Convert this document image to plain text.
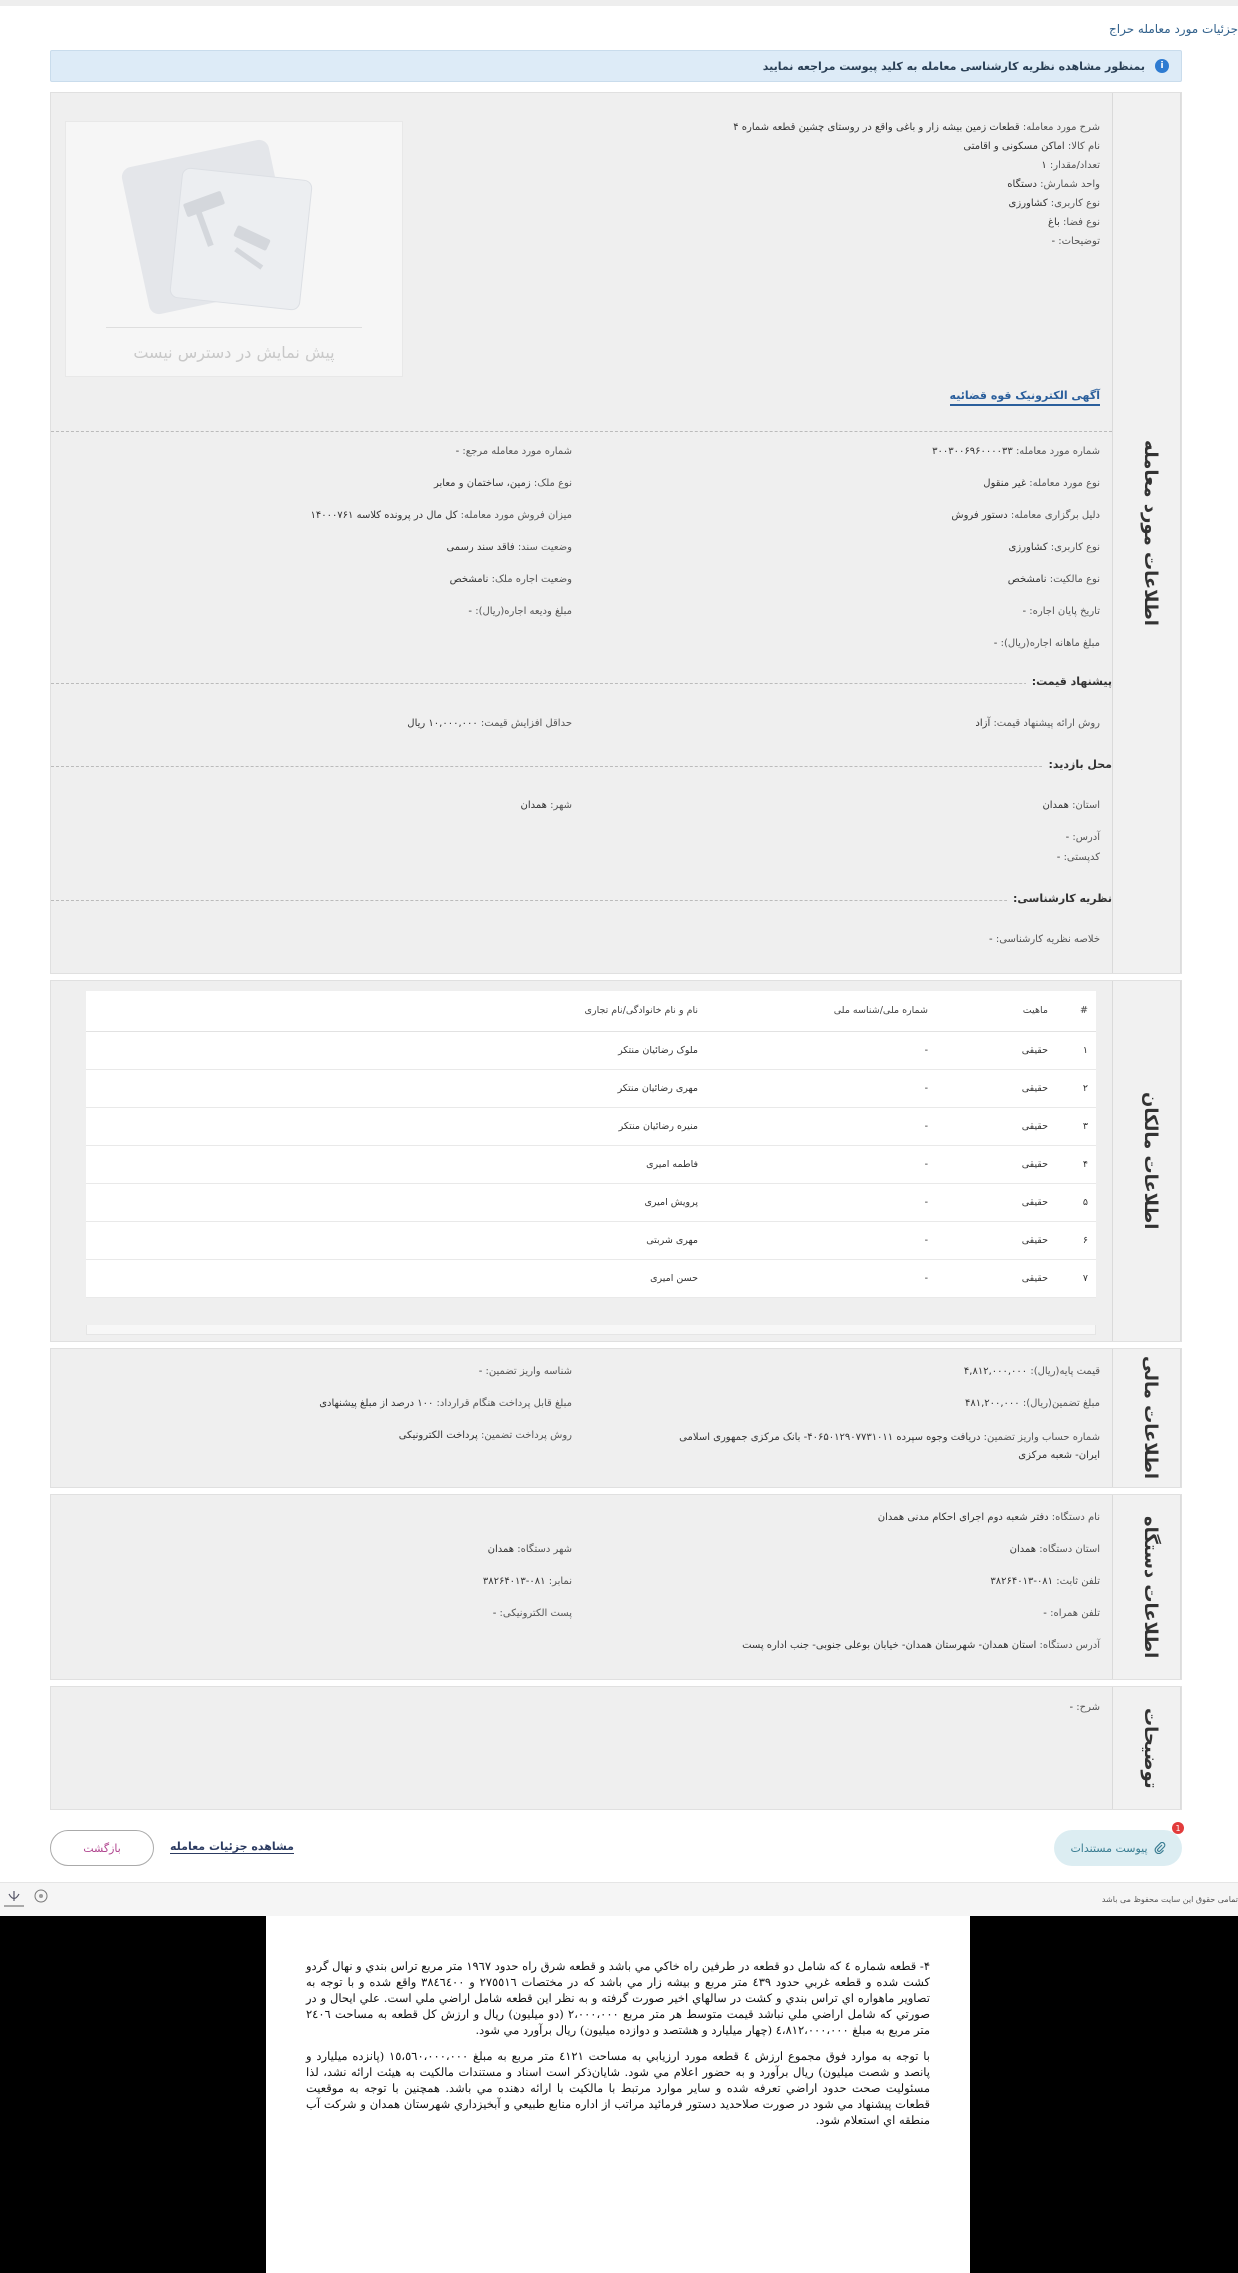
جزئیات مورد معامله حراج
i
بمنظور مشاهده نظریه کارشناسی معامله به کلید پیوست مراجعه نمایید
اطلاعات مورد معامله
شرح مورد معامله: قطعات زمین بیشه زار و باغی واقع در روستای چشین قطعه شماره ۴
نام کالا: اماکن مسکونی و اقامتی
تعداد/مقدار: ۱
واحد شمارش: دستگاه
نوع کاربری: کشاورزی
نوع فضا: باغ
توضیحات: -
پیش نمایش در دسترس نیست
آگهی الکترونیک قوه قضائیه
شماره مورد معامله: ۳۰۰۳۰۰۶۹۶۰۰۰۰۳۳
نوع مورد معامله: غیر منقول
دلیل برگزاری معامله: دستور فروش
نوع کاربری: کشاورزی
نوع مالکیت: نامشخص
تاریخ پایان اجاره: -
مبلغ ماهانه اجاره(ریال): -
شماره مورد معامله مرجع: -
نوع ملک: زمین، ساختمان و معابر
میزان فروش مورد معامله: کل مال در پرونده کلاسه ۱۴۰۰۰۷۶۱
وضعیت سند: فاقد سند رسمی
وضعیت اجاره ملک: نامشخص
مبلغ ودیعه اجاره(ریال): -
پیشنهاد قیمت:
روش ارائه پیشنهاد قیمت: آزاد
حداقل افزایش قیمت: ۱۰,۰۰۰,۰۰۰ ریال
محل بازدید:
استان: همدان
شهر: همدان
آدرس: -
کدپستی: -
نظریه کارشناسی:
خلاصه نظریه کارشناسی: -
اطلاعات مالکان
#	ماهیت	شماره ملی/شناسه ملی	نام و نام خانوادگی/نام تجاری
۱	حقیقی	-	ملوک رضائیان منتکر
۲	حقیقی	-	مهری رضائیان منتکر
۳	حقیقی	-	منیره رضائیان منتکر
۴	حقیقی	-	فاطمه امیری
۵	حقیقی	-	پرویش امیری
۶	حقیقی	-	مهری شربتی
۷	حقیقی	-	حسن امیری
اطلاعات مالی
قیمت پایه(ریال): ۴,۸۱۲,۰۰۰,۰۰۰
مبلغ تضمین(ریال): ۴۸۱,۲۰۰,۰۰۰
شماره حساب واریز تضمین: دریافت وجوه سپرده ۴۰۶۵۰۱۲۹۰۷۷۳۱۰۱۱- بانک مرکزی جمهوری اسلامی ایران- شعبه مرکزی
شناسه واریز تضمین: -
مبلغ قابل پرداخت هنگام قرارداد: ۱۰۰ درصد از مبلغ پیشنهادی
روش پرداخت تضمین: پرداخت الکترونیکی
اطلاعات دستگاه
نام دستگاه: دفتر شعبه دوم اجرای احکام مدنی همدان
استان دستگاه: همدان
شهر دستگاه: همدان
تلفن ثابت: ۰۸۱-۳۸۲۶۴۰۱۳
نمابر: ۰۸۱-۳۸۲۶۴۰۱۳
تلفن همراه: -
پست الکترونیکی: -
آدرس دستگاه: استان همدان- شهرستان همدان- خیابان بوعلی جنوبی- جنب اداره پست
توضیحات
شرح: -
پیوست مستندات
1
مشاهده جزئیات معامله
بازگشت
تمامی حقوق این سایت محفوظ می باشد

۴- قطعه شماره ٤ كه شامل دو قطعه در طرفين راه خاكي مي باشد و قطعه شرق راه حدود ١٩٦٧ متر مربع تراس بندي و نهال گردو كشت شده و قطعه غربي حدود ٤٣٩ متر مربع و بيشه زار مي باشد كه در مختصات ٢٧٥٥١٦ و ٣٨٤٦٤٠٠ واقع شده و با توجه به تصاوير ماهواره اي تراس بندي و كشت در سالهاي اخير صورت گرفته و به نظر اين قطعه شامل اراضي ملي است. علي ايحال و در صورتي كه شامل اراضي ملي نباشد قيمت متوسط هر متر مربع ٢،٠٠٠،٠٠٠ (دو ميليون) ريال و ارزش كل قطعه به مساحت ٢٤٠٦ متر مربع به مبلغ ٤،٨١٢،٠٠٠،٠٠٠ (چهار ميليارد و هشتصد و دوازده ميليون) ريال برآورد مي شود.

با توجه به موارد فوق مجموع ارزش ٤ قطعه مورد ارزيابي به مساحت ٤١٢١ متر مربع به مبلغ ١٥،٥٦٠،٠٠٠،٠٠٠ (پانزده ميليارد و پانصد و شصت ميليون) ريال برآورد و به حضور اعلام مي شود. شايان‌ذكر است اسناد و مستندات مالكيت به هيئت ارائه نشد، لذا مسئوليت صحت حدود اراضي تعرفه شده و ساير موارد مرتبط با مالكيت با ارائه دهنده مي باشد. همچنين با توجه به موقعيت قطعات پيشنهاد مي شود در صورت صلاحديد دستور فرمائيد مراتب از اداره منابع طبيعي و آبخيزداري شهرستان همدان و شركت آب منطقه اي استعلام شود.
